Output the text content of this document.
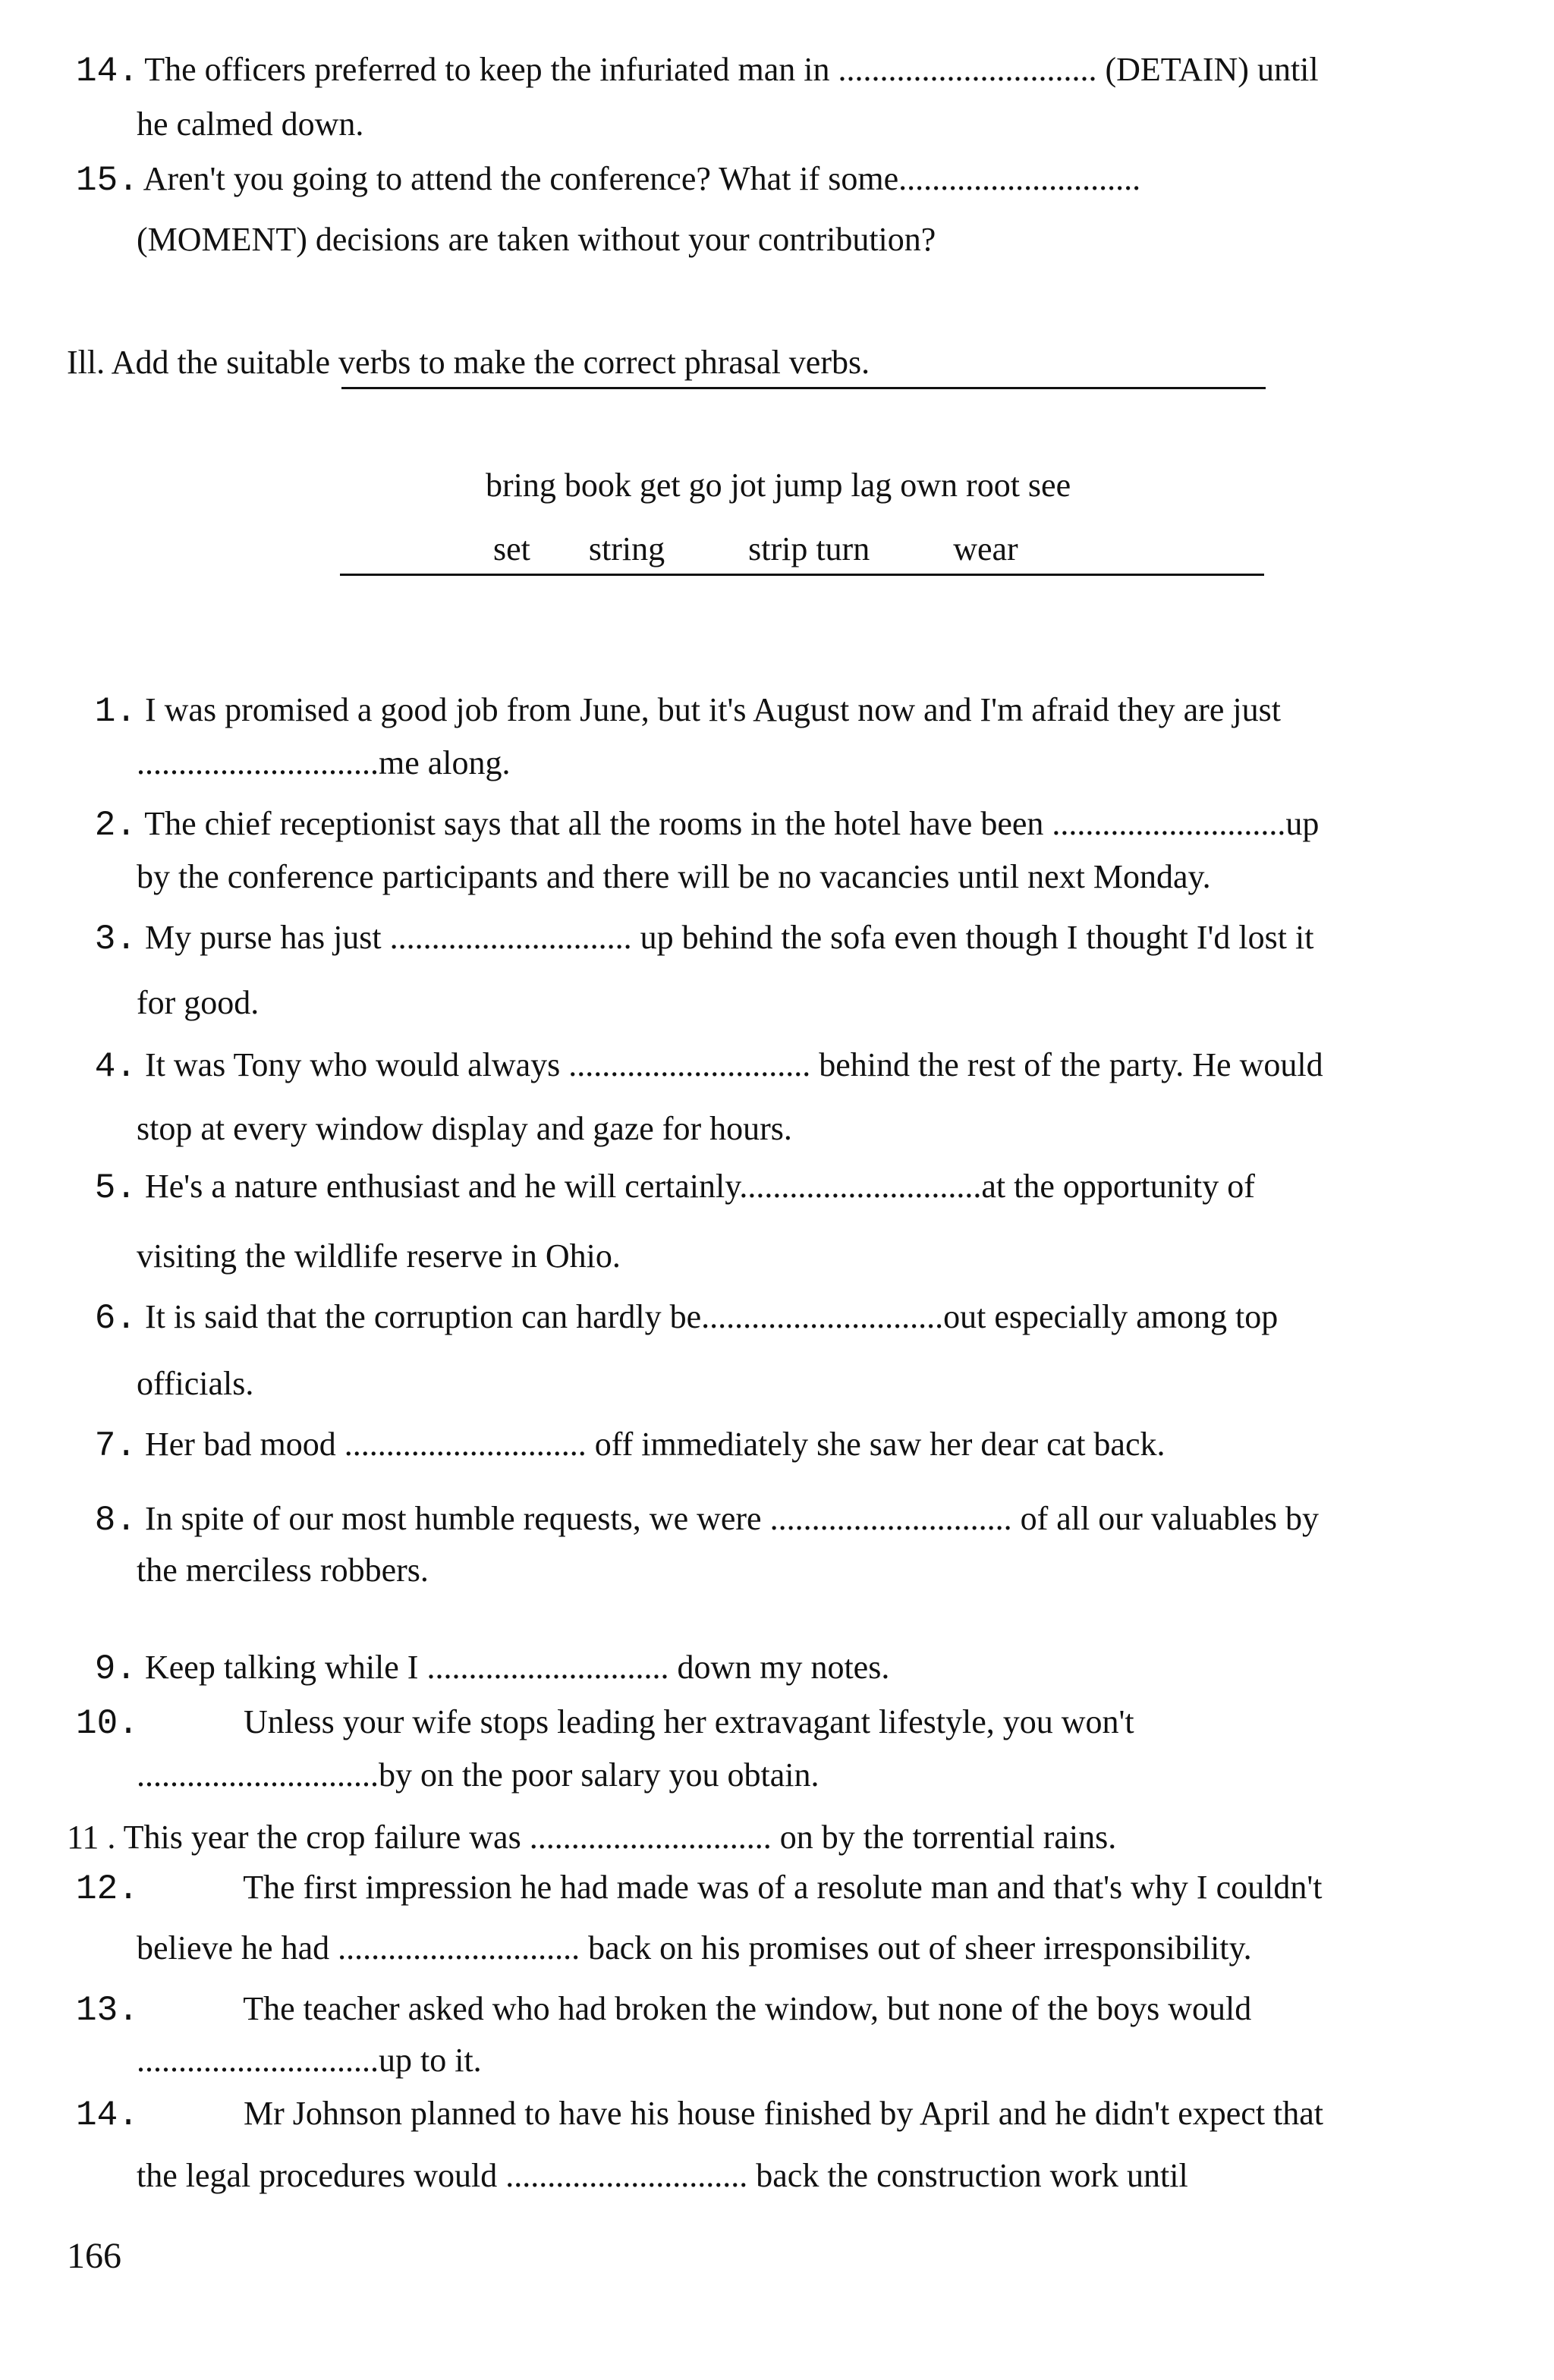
14. The officers preferred to keep the infuriated man in ............................... (DETAIN) until
he calmed down.
15. Aren't you going to attend the conference? What if some.............................
(MOMENT) decisions are taken without your contribution?
Ill. Add the suitable verbs to make the correct phrasal verbs.
bring book get go jot jump lag own root see
set       string          strip turn          wear
1. I was promised a good job from June, but it's August now and I'm afraid they are just
.............................me along.
2. The chief receptionist says that all the rooms in the hotel have been ............................up
by the conference participants and there will be no vacancies until next Monday.
3. My purse has just ............................. up behind the sofa even though I thought I'd lost it
for good.
4. It was Tony who would always ............................. behind the rest of the party. He would
stop at every window display and gaze for hours.
5. He's a nature enthusiast and he will certainly.............................at the opportunity of
visiting the wildlife reserve in Ohio.
6. It is said that the corruption can hardly be.............................out especially among top
officials.
7. Her bad mood ............................. off immediately she saw her dear cat back.
8. In spite of our most humble requests, we were ............................. of all our valuables by
the merciless robbers.
9. Keep talking while I ............................. down my notes.
10.	Unless your wife stops leading her extravagant lifestyle, you won't
.............................by on the poor salary you obtain.
11 . This year the crop failure was ............................. on by the torrential rains.
12.	The first impression he had made was of a resolute man and that's why I couldn't
believe he had ............................. back on his promises out of sheer irresponsibility.
13.	The teacher asked who had broken the window, but none of the boys would
.............................up to it.
14.	Mr Johnson planned to have his house finished by April and he didn't expect that
the legal procedures would ............................. back the construction work until
166
